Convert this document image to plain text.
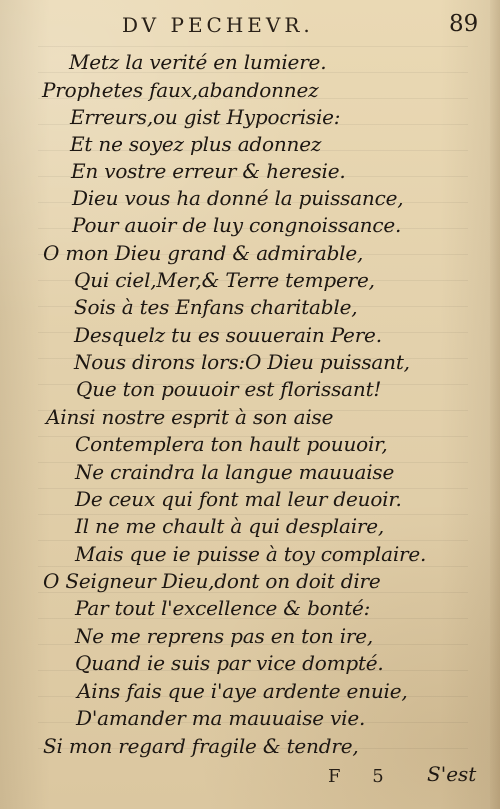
DV PECHEVR.	89
Metz la verité en lumiere.
Prophetes faux,abandonnez
Erreurs,ou gist Hypocrisie:
Et ne soyez plus adonnez
En vostre erreur & heresie.
Dieu vous ha donné la puissance,
Pour auoir de luy congnoissance.
O mon Dieu grand & admirable,
Qui ciel,Mer,& Terre tempere,
Sois à tes Enfans charitable,
Desquelz tu es souuerain Pere.
Nous dirons lors:O Dieu puissant,
Que ton pouuoir est florissant!
Ainsi nostre esprit à son aise
Contemplera ton hault pouuoir,
Ne craindra la langue mauuaise
De ceux qui font mal leur deuoir.
Il ne me chault à qui desplaire,
Mais que ie puisse à toy complaire.
O Seigneur Dieu,dont on doit dire
Par tout l'excellence & bonté:
Ne me reprens pas en ton ire,
Quand ie suis par vice dompté.
Ains fais que i'aye ardente enuie,
D'amander ma mauuaise vie.
Si mon regard fragile & tendre,
F 5 S'est
